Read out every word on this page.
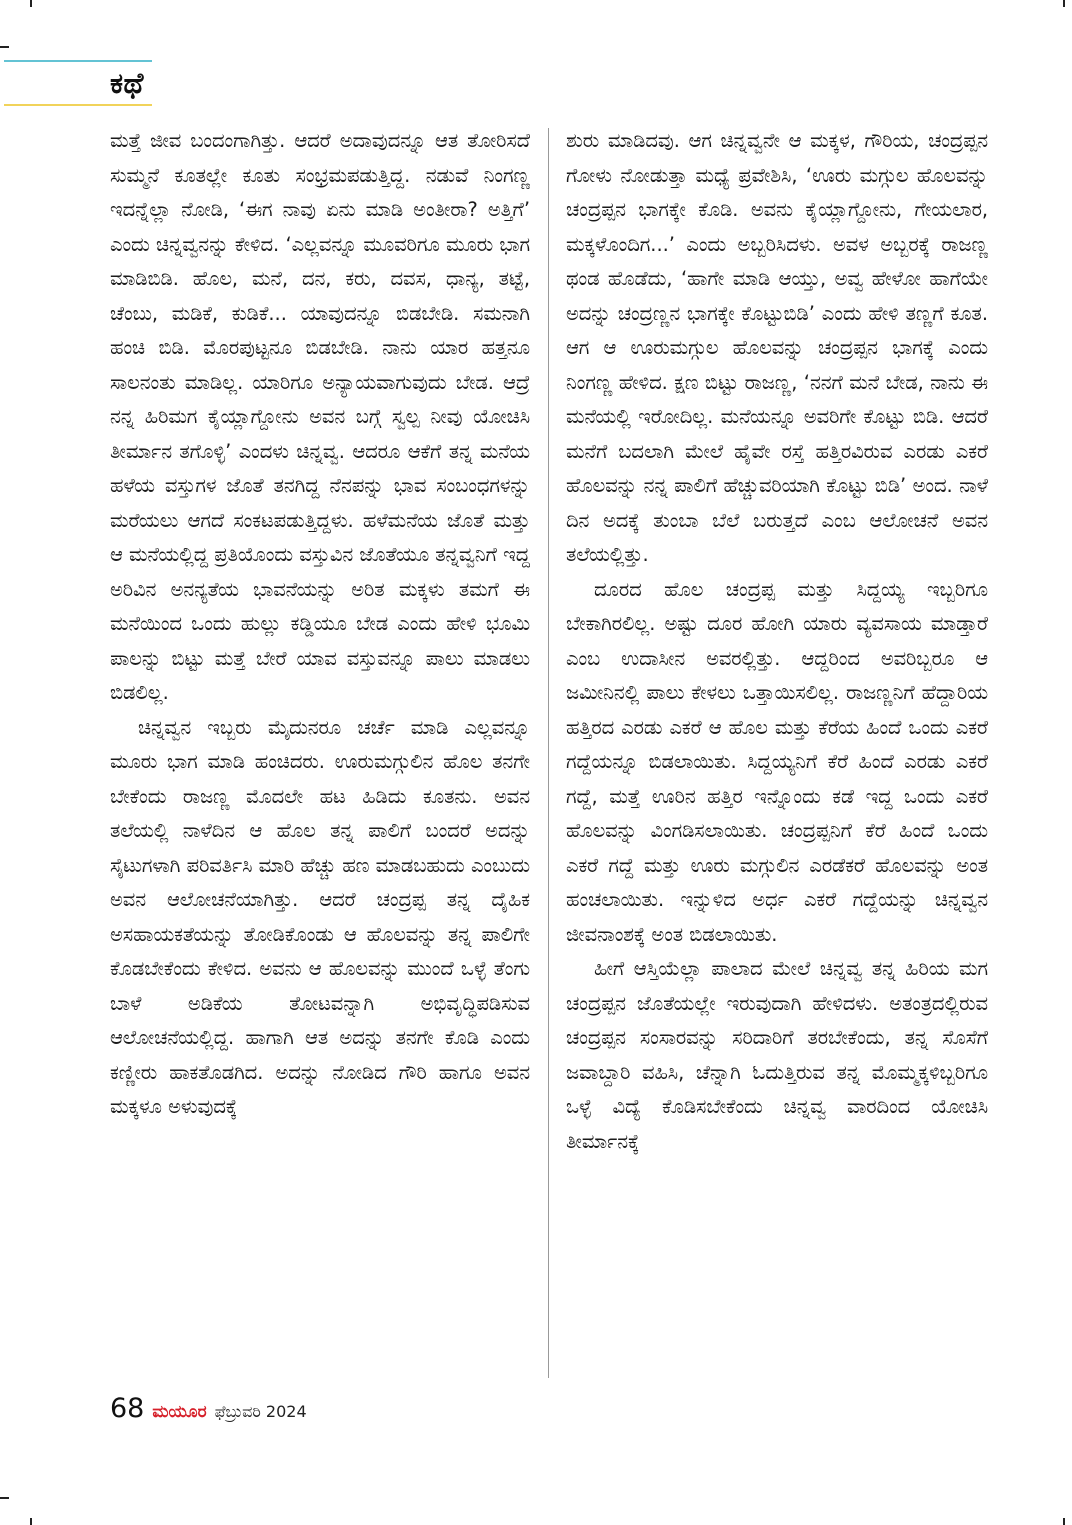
ಕಥೆ

ಮತ್ತೆ ಜೀವ ಬಂದಂಗಾಗಿತ್ತು. ಆದರೆ ಅದಾವುದನ್ನೂ ಆತ ತೋರಿಸದೆ ಸುಮ್ಮನೆ ಕೂತಲ್ಲೇ ಕೂತು ಸಂಭ್ರಮಪಡುತ್ತಿದ್ದ. ನಡುವೆ ನಿಂಗಣ್ಣ ಇದನ್ನೆಲ್ಲಾ ನೋಡಿ, ‘ಈಗ ನಾವು ಏನು ಮಾಡಿ ಅಂತೀರಾ? ಅತ್ತಿಗೆ’ ಎಂದು ಚಿನ್ನವ್ವನನ್ನು ಕೇಳಿದ. ‘ಎಲ್ಲವನ್ನೂ ಮೂವರಿಗೂ ಮೂರು ಭಾಗ ಮಾಡಿಬಿಡಿ. ಹೊಲ, ಮನೆ, ದನ, ಕರು, ದವಸ, ಧಾನ್ಯ, ತಟ್ಟೆ, ಚೆಂಬು, ಮಡಿಕೆ, ಕುಡಿಕೆ... ಯಾವುದನ್ನೂ ಬಿಡಬೇಡಿ. ಸಮನಾಗಿ ಹಂಚಿ ಬಿಡಿ. ಮೊರಪುಟ್ಟನೂ ಬಿಡಬೇಡಿ. ನಾನು ಯಾರ ಹತ್ತನೂ ಸಾಲನಂತು ಮಾಡಿಲ್ಲ. ಯಾರಿಗೂ ಅನ್ಯಾಯವಾಗುವುದು ಬೇಡ. ಆದ್ರೆ ನನ್ನ ಹಿರಿಮಗ ಕೈಯ್ಲಾಗ್ದೋನು ಅವನ ಬಗ್ಗೆ ಸ್ವಲ್ಪ ನೀವು ಯೋಚಿಸಿ ತೀರ್ಮಾನ ತಗೊಳ್ಳಿ’ ಎಂದಳು ಚಿನ್ನವ್ವ. ಆದರೂ ಆಕೆಗೆ ತನ್ನ ಮನೆಯ ಹಳೆಯ ವಸ್ತುಗಳ ಜೊತೆ ತನಗಿದ್ದ ನೆನಪನ್ನು ಭಾವ ಸಂಬಂಧಗಳನ್ನು ಮರೆಯಲು ಆಗದೆ ಸಂಕಟಪಡುತ್ತಿದ್ದಳು. ಹಳೆಮನೆಯ ಜೊತೆ ಮತ್ತು ಆ ಮನೆಯಲ್ಲಿದ್ದ ಪ್ರತಿಯೊಂದು ವಸ್ತುವಿನ ಜೊತೆಯೂ ತನ್ನವ್ವನಿಗೆ ಇದ್ದ ಅರಿವಿನ ಅನನ್ಯತೆಯ ಭಾವನೆಯನ್ನು ಅರಿತ ಮಕ್ಕಳು ತಮಗೆ ಈ ಮನೆಯಿಂದ ಒಂದು ಹುಲ್ಲು ಕಡ್ಡಿಯೂ ಬೇಡ ಎಂದು ಹೇಳಿ ಭೂಮಿ ಪಾಲನ್ನು ಬಿಟ್ಟು ಮತ್ತೆ ಬೇರೆ ಯಾವ ವಸ್ತುವನ್ನೂ ಪಾಲು ಮಾಡಲು ಬಿಡಲಿಲ್ಲ.

ಚಿನ್ನವ್ವನ ಇಬ್ಬರು ಮೈದುನರೂ ಚರ್ಚೆ ಮಾಡಿ ಎಲ್ಲವನ್ನೂ ಮೂರು ಭಾಗ ಮಾಡಿ ಹಂಚಿದರು. ಊರುಮಗ್ಗುಲಿನ ಹೊಲ ತನಗೇ ಬೇಕೆಂದು ರಾಜಣ್ಣ ಮೊದಲೇ ಹಟ ಹಿಡಿದು ಕೂತನು. ಅವನ ತಲೆಯಲ್ಲಿ ನಾಳೆದಿನ ಆ ಹೊಲ ತನ್ನ ಪಾಲಿಗೆ ಬಂದರೆ ಅದನ್ನು ಸೈಟುಗಳಾಗಿ ಪರಿವರ್ತಿಸಿ ಮಾರಿ ಹೆಚ್ಚು ಹಣ ಮಾಡಬಹುದು ಎಂಬುದು ಅವನ ಆಲೋಚನೆಯಾಗಿತ್ತು. ಆದರೆ ಚಂದ್ರಪ್ಪ ತನ್ನ ದೈಹಿಕ ಅಸಹಾಯಕತೆಯನ್ನು ತೋಡಿಕೊಂಡು ಆ ಹೊಲವನ್ನು ತನ್ನ ಪಾಲಿಗೇ ಕೊಡಬೇಕೆಂದು ಕೇಳಿದ. ಅವನು ಆ ಹೊಲವನ್ನು ಮುಂದೆ ಒಳ್ಳೆ ತೆಂಗು ಬಾಳೆ ಅಡಿಕೆಯ ತೋಟವನ್ನಾಗಿ ಅಭಿವೃದ್ಧಿಪಡಿಸುವ ಆಲೋಚನೆಯಲ್ಲಿದ್ದ. ಹಾಗಾಗಿ ಆತ ಅದನ್ನು ತನಗೇ ಕೊಡಿ ಎಂದು ಕಣ್ಣೀರು ಹಾಕತೊಡಗಿದ. ಅದನ್ನು ನೋಡಿದ ಗೌರಿ ಹಾಗೂ ಅವನ ಮಕ್ಕಳೂ ಅಳುವುದಕ್ಕೆ

ಶುರು ಮಾಡಿದವು. ಆಗ ಚಿನ್ನವ್ವನೇ ಆ ಮಕ್ಕಳ, ಗೌರಿಯ, ಚಂದ್ರಪ್ಪನ ಗೋಳು ನೋಡುತ್ತಾ ಮಧ್ಯೆ ಪ್ರವೇಶಿಸಿ, ‘ಊರು ಮಗ್ಗುಲ ಹೊಲವನ್ನು ಚಂದ್ರಪ್ಪನ ಭಾಗಕ್ಕೇ ಕೊಡಿ. ಅವನು ಕೈಯ್ಲಾಗ್ದೋನು, ಗೇಯಲಾರ, ಮಕ್ಕಳೊಂದಿಗ...’ ಎಂದು ಅಬ್ಬರಿಸಿದಳು. ಅವಳ ಅಬ್ಬರಕ್ಕೆ ರಾಜಣ್ಣ ಥಂಡ ಹೊಡೆದು, ‘ಹಾಗೇ ಮಾಡಿ ಆಯ್ತು, ಅವ್ವ ಹೇಳೋ ಹಾಗೆಯೇ ಅದನ್ನು ಚಂದ್ರಣ್ಣನ ಭಾಗಕ್ಕೇ ಕೊಟ್ಟುಬಿಡಿ’ ಎಂದು ಹೇಳಿ ತಣ್ಣಗೆ ಕೂತ. ಆಗ ಆ ಊರುಮಗ್ಗುಲ ಹೊಲವನ್ನು ಚಂದ್ರಪ್ಪನ ಭಾಗಕ್ಕೆ ಎಂದು ನಿಂಗಣ್ಣ ಹೇಳಿದ. ಕ್ಷಣ ಬಿಟ್ಟು ರಾಜಣ್ಣ, ‘ನನಗೆ ಮನೆ ಬೇಡ, ನಾನು ಈ ಮನೆಯಲ್ಲಿ ಇರೋದಿಲ್ಲ. ಮನೆಯನ್ನೂ ಅವರಿಗೇ ಕೊಟ್ಟು ಬಿಡಿ. ಆದರೆ ಮನೆಗೆ ಬದಲಾಗಿ ಮೇಲೆ ಹೈವೇ ರಸ್ತೆ ಹತ್ತಿರವಿರುವ ಎರಡು ಎಕರೆ ಹೊಲವನ್ನು ನನ್ನ ಪಾಲಿಗೆ ಹೆಚ್ಚುವರಿಯಾಗಿ ಕೊಟ್ಟು ಬಿಡಿ’ ಅಂದ. ನಾಳೆ ದಿನ ಅದಕ್ಕೆ ತುಂಬಾ ಬೆಲೆ ಬರುತ್ತದೆ ಎಂಬ ಆಲೋಚನೆ ಅವನ ತಲೆಯಲ್ಲಿತ್ತು.

ದೂರದ ಹೊಲ ಚಂದ್ರಪ್ಪ ಮತ್ತು ಸಿದ್ದಯ್ಯ ಇಬ್ಬರಿಗೂ ಬೇಕಾಗಿರಲಿಲ್ಲ. ಅಷ್ಟು ದೂರ ಹೋಗಿ ಯಾರು ವ್ಯವಸಾಯ ಮಾಡ್ತಾರೆ ಎಂಬ ಉದಾಸೀನ ಅವರಲ್ಲಿತ್ತು. ಆದ್ದರಿಂದ ಅವರಿಬ್ಬರೂ ಆ ಜಮೀನಿನಲ್ಲಿ ಪಾಲು ಕೇಳಲು ಒತ್ತಾಯಿಸಲಿಲ್ಲ. ರಾಜಣ್ಣನಿಗೆ ಹೆದ್ದಾರಿಯ ಹತ್ತಿರದ ಎರಡು ಎಕರೆ ಆ ಹೊಲ ಮತ್ತು ಕೆರೆಯ ಹಿಂದೆ ಒಂದು ಎಕರೆ ಗದ್ದೆಯನ್ನೂ ಬಿಡಲಾಯಿತು. ಸಿದ್ದಯ್ಯನಿಗೆ ಕೆರೆ ಹಿಂದೆ ಎರಡು ಎಕರೆ ಗದ್ದೆ, ಮತ್ತೆ ಊರಿನ ಹತ್ತಿರ ಇನ್ನೊಂದು ಕಡೆ ಇದ್ದ ಒಂದು ಎಕರೆ ಹೊಲವನ್ನು ವಿಂಗಡಿಸಲಾಯಿತು. ಚಂದ್ರಪ್ಪನಿಗೆ ಕೆರೆ ಹಿಂದೆ ಒಂದು ಎಕರೆ ಗದ್ದೆ ಮತ್ತು ಊರು ಮಗ್ಗುಲಿನ ಎರಡೆಕರೆ ಹೊಲವನ್ನು ಅಂತ ಹಂಚಲಾಯಿತು. ಇನ್ನುಳಿದ ಅರ್ಧ ಎಕರೆ ಗದ್ದೆಯನ್ನು ಚಿನ್ನವ್ವನ ಜೀವನಾಂಶಕ್ಕೆ ಅಂತ ಬಿಡಲಾಯಿತು.

ಹೀಗೆ ಆಸ್ತಿಯೆಲ್ಲಾ ಪಾಲಾದ ಮೇಲೆ ಚಿನ್ನವ್ವ ತನ್ನ ಹಿರಿಯ ಮಗ ಚಂದ್ರಪ್ಪನ ಜೊತೆಯಲ್ಲೇ ಇರುವುದಾಗಿ ಹೇಳಿದಳು. ಅತಂತ್ರದಲ್ಲಿರುವ ಚಂದ್ರಪ್ಪನ ಸಂಸಾರವನ್ನು ಸರಿದಾರಿಗೆ ತರಬೇಕೆಂದು, ತನ್ನ ಸೊಸೆಗೆ ಜವಾಬ್ದಾರಿ ವಹಿಸಿ, ಚೆನ್ನಾಗಿ ಓದುತ್ತಿರುವ ತನ್ನ ಮೊಮ್ಮಕ್ಕಳಿಬ್ಬರಿಗೂ ಒಳ್ಳೆ ವಿದ್ಯೆ ಕೊಡಿಸಬೇಕೆಂದು ಚಿನ್ನವ್ವ ವಾರದಿಂದ ಯೋಚಿಸಿ ತೀರ್ಮಾನಕ್ಕೆ

68 ಮಯೂರ ಫೆಬ್ರುವರಿ 2024
